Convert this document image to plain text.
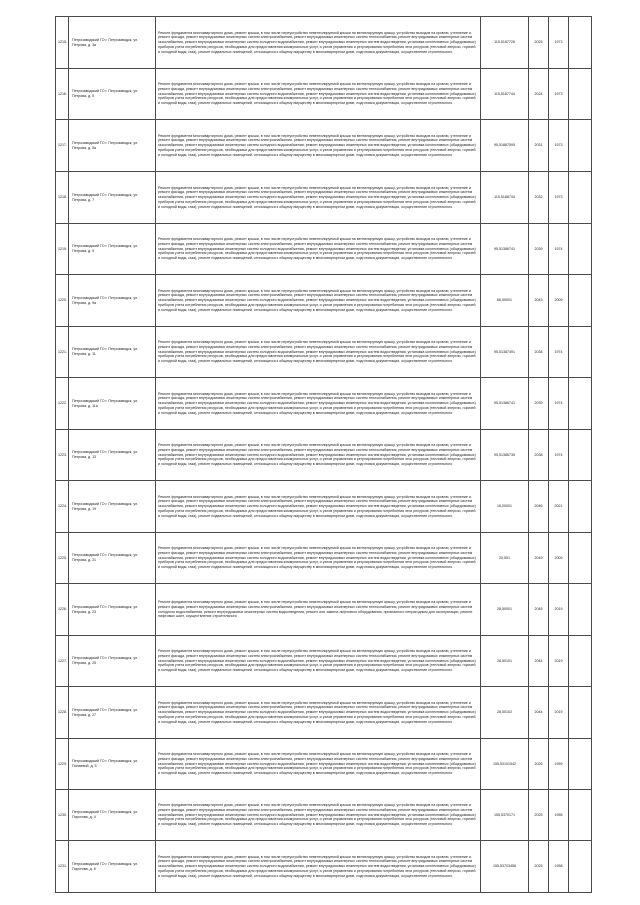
1215.	Петрозаводский ГО г. Петрозаводск, ул. Петрова, д. 3а	Ремонт фундамента многоквартирного дома, ремонт крыши, в том числе переустройство невентилируемой крыши на вентилируемую крышу, устройство выходов на кровлю, утепление и ремонт фасада, ремонт внутридомовых инженерных систем электроснабжения, ремонт внутридомовых инженерных систем теплоснабжения, ремонт внутридомовых инженерных систем газоснабжения, ремонт внутридомовых инженерных систем холодного водоснабжения, ремонт внутридомовых инженерных систем водоотведения, установка коллективных (общедомовых) приборов учета потребления ресурсов, необходимых для предоставления коммунальных услуг, и узлов управления и регулирования потребления этих ресурсов (тепловой энергии, горячей и холодной воды, газа), ремонт подвальных помещений, относящихся к общему имуществу в многоквартирном доме, подготовка документации, осуществление строительного	115,5187728	2025	1973	
1216.	Петрозаводский ГО г. Петрозаводск, ул. Петрова, д. 5	Ремонт фундамента многоквартирного дома, ремонт крыши, в том числе переустройство невентилируемой крыши на вентилируемую крышу, устройство выходов на кровлю, утепление и ремонт фасада, ремонт внутридомовых инженерных систем электроснабжения, ремонт внутридомовых инженерных систем теплоснабжения, ремонт внутридомовых инженерных систем газоснабжения, ремонт внутридомовых инженерных систем холодного водоснабжения, ремонт внутридомовых инженерных систем водоотведения, установка коллективных (общедомовых) приборов учета потребления ресурсов, необходимых для предоставления коммунальных услуг, и узлов управления и регулирования потребления этих ресурсов (тепловой энергии, горячей и холодной воды, газа), ремонт подвальных помещений, относящихся к общему имуществу в многоквартирном доме, подготовка документации, осуществление строительного	115,5187744	2024	1973	
1217.	Петрозаводский ГО г. Петрозаводск, ул. Петрова, д. 5а	Ремонт фундамента многоквартирного дома, ремонт крыши, в том числе переустройство невентилируемой крыши на вентилируемую крышу, устройство выходов на кровлю, утепление и ремонт фасада, ремонт внутридомовых инженерных систем электроснабжения, ремонт внутридомовых инженерных систем теплоснабжения, ремонт внутридомовых инженерных систем газоснабжения, ремонт внутридомовых инженерных систем холодного водоснабжения, ремонт внутридомовых инженерных систем водоотведения, установка коллективных (общедомовых) приборов учета потребления ресурсов, необходимых для предоставления коммунальных услуг, и узлов управления и регулирования потребления этих ресурсов (тепловой энергии, горячей и холодной воды, газа), ремонт подвальных помещений, относящихся к общему имуществу в многоквартирном доме, подготовка документации, осуществление строительного	95,51887595	2031	1973	
1218.	Петрозаводский ГО г. Петрозаводск, ул. Петрова, д. 7	Ремонт фундамента многоквартирного дома, ремонт крыши, в том числе переустройство невентилируемой крыши на вентилируемую крышу, устройство выходов на кровлю, утепление и ремонт фасада, ремонт внутридомовых инженерных систем электроснабжения, ремонт внутридомовых инженерных систем теплоснабжения, ремонт внутридомовых инженерных систем газоснабжения, ремонт внутридомовых инженерных систем холодного водоснабжения, ремонт внутридомовых инженерных систем водоотведения, установка коллективных (общедомовых) приборов учета потребления ресурсов, необходимых для предоставления коммунальных услуг, и узлов управления и регулирования потребления этих ресурсов (тепловой энергии, горячей и холодной воды, газа), ремонт подвальных помещений, относящихся к общему имуществу в многоквартирном доме, подготовка документации, осуществление строительного	115,5188744	2032	1973	
1219.	Петрозаводский ГО г. Петрозаводск, ул. Петрова, д. 9	Ремонт фундамента многоквартирного дома, ремонт крыши, в том числе переустройство невентилируемой крыши на вентилируемую крышу, устройство выходов на кровлю, утепление и ремонт фасада, ремонт внутридомовых инженерных систем электроснабжения, ремонт внутридомовых инженерных систем теплоснабжения, ремонт внутридомовых инженерных систем газоснабжения, ремонт внутридомовых инженерных систем холодного водоснабжения, ремонт внутридомовых инженерных систем водоотведения, установка коллективных (общедомовых) приборов учета потребления ресурсов, необходимых для предоставления коммунальных услуг, и узлов управления и регулирования потребления этих ресурсов (тепловой энергии, горячей и холодной воды, газа), ремонт подвальных помещений, относящихся к общему имуществу в многоквартирном доме, подготовка документации, осуществление строительного	95,51386741	2039	1974	
1220.	Петрозаводский ГО г. Петрозаводск, ул. Петрова, д. 9а	Ремонт фундамента многоквартирного дома, ремонт крыши, в том числе переустройство невентилируемой крыши на вентилируемую крышу, устройство выходов на кровлю, утепление и ремонт фасада, ремонт внутридомовых инженерных систем электроснабжения, ремонт внутридомовых инженерных систем теплоснабжения, ремонт внутридомовых инженерных систем газоснабжения, ремонт внутридомовых инженерных систем холодного водоснабжения, ремонт внутридомовых инженерных систем водоотведения, установка коллективных (общедомовых) приборов учета потребления ресурсов, необходимых для предоставления коммунальных услуг, и узлов управления и регулирования потребления этих ресурсов (тепловой энергии, горячей и холодной воды, газа), ремонт подвальных помещений, относящихся к общему имуществу в многоквартирном доме, подготовка документации, осуществление строительного	66,50001	2043	2009	
1221.	Петрозаводский ГО г. Петрозаводск, ул. Петрова, д. 11	Ремонт фундамента многоквартирного дома, ремонт крыши, в том числе переустройство невентилируемой крыши на вентилируемую крышу, устройство выходов на кровлю, утепление и ремонт фасада, ремонт внутридомовых инженерных систем электроснабжения, ремонт внутридомовых инженерных систем теплоснабжения, ремонт внутридомовых инженерных систем газоснабжения, ремонт внутридомовых инженерных систем холодного водоснабжения, ремонт внутридомовых инженерных систем водоотведения, установка коллективных (общедомовых) приборов учета потребления ресурсов, необходимых для предоставления коммунальных услуг, и узлов управления и регулирования потребления этих ресурсов (тепловой энергии, горячей и холодной воды, газа), ремонт подвальных помещений, относящихся к общему имуществу в многоквартирном доме, подготовка документации, осуществление строительного	95,51387491	2038	1974	
1222.	Петрозаводский ГО г. Петрозаводск, ул. Петрова, д. 11а	Ремонт фундамента многоквартирного дома, ремонт крыши, в том числе переустройство невентилируемой крыши на вентилируемую крышу, устройство выходов на кровлю, утепление и ремонт фасада, ремонт внутридомовых инженерных систем электроснабжения, ремонт внутридомовых инженерных систем теплоснабжения, ремонт внутридомовых инженерных систем газоснабжения, ремонт внутридомовых инженерных систем холодного водоснабжения, ремонт внутридомовых инженерных систем водоотведения, установка коллективных (общедомовых) приборов учета потребления ресурсов, необходимых для предоставления коммунальных услуг, и узлов управления и регулирования потребления этих ресурсов (тепловой энергии, горячей и холодной воды, газа), ремонт подвальных помещений, относящихся к общему имуществу в многоквартирном доме, подготовка документации, осуществление строительного	95,51386741	2039	1974	
1223.	Петрозаводский ГО г. Петрозаводск, ул. Петрова, д. 13	Ремонт фундамента многоквартирного дома, ремонт крыши, в том числе переустройство невентилируемой крыши на вентилируемую крышу, устройство выходов на кровлю, утепление и ремонт фасада, ремонт внутридомовых инженерных систем электроснабжения, ремонт внутридомовых инженерных систем теплоснабжения, ремонт внутридомовых инженерных систем газоснабжения, ремонт внутридомовых инженерных систем холодного водоснабжения, ремонт внутридомовых инженерных систем водоотведения, установка коллективных (общедомовых) приборов учета потребления ресурсов, необходимых для предоставления коммунальных услуг, и узлов управления и регулирования потребления этих ресурсов (тепловой энергии, горячей и холодной воды, газа), ремонт подвальных помещений, относящихся к общему имуществу в многоквартирном доме, подготовка документации, осуществление строительного	95,51386735	2038	1974	
1224.	Петрозаводский ГО г. Петрозаводск, ул. Петрова, д. 19	Ремонт фундамента многоквартирного дома, ремонт крыши, в том числе переустройство невентилируемой крыши на вентилируемую крышу, устройство выходов на кровлю, утепление и ремонт фасада, ремонт внутридомовых инженерных систем электроснабжения, ремонт внутридомовых инженерных систем теплоснабжения, ремонт внутридомовых инженерных систем газоснабжения, ремонт внутридомовых инженерных систем холодного водоснабжения, ремонт внутридомовых инженерных систем водоотведения, установка коллективных (общедомовых) приборов учета потребления ресурсов, необходимых для предоставления коммунальных услуг, и узлов управления и регулирования потребления этих ресурсов (тепловой энергии, горячей и холодной воды, газа), ремонт подвальных помещений, относящихся к общему имуществу в многоквартирном доме, подготовка документации, осуществление строительного	16,00001	2046	2021	
1225.	Петрозаводский ГО г. Петрозаводск, ул. Петрова, д. 21	Ремонт фундамента многоквартирного дома, ремонт крыши, в том числе переустройство невентилируемой крыши на вентилируемую крышу, устройство выходов на кровлю, утепление и ремонт фасада, ремонт внутридомовых инженерных систем электроснабжения, ремонт внутридомовых инженерных систем теплоснабжения, ремонт внутридомовых инженерных систем газоснабжения, ремонт внутридомовых инженерных систем холодного водоснабжения, ремонт внутридомовых инженерных систем водоотведения, установка коллективных (общедомовых) приборов учета потребления ресурсов, необходимых для предоставления коммунальных услуг, и узлов управления и регулирования потребления этих ресурсов (тепловой энергии, горячей и холодной воды, газа), ремонт подвальных помещений, относящихся к общему имуществу в многоквартирном доме, подготовка документации, осуществление строительного	20,501	2049	2009	
1226.	Петрозаводский ГО г. Петрозаводск, ул. Петрова, д. 23	Ремонт фундамента многоквартирного дома, ремонт крыши, в том числе переустройство невентилируемой крыши на вентилируемую крышу, устройство выходов на кровлю, утепление и ремонт фасада, ремонт внутридомовых инженерных систем электроснабжения, ремонт внутридомовых инженерных систем теплоснабжения, ремонт внутридомовых инженерных систем холодного водоснабжения, ремонт внутридомовых инженерных систем водоотведения, ремонт или замена лифтового оборудования, признанного непригодным для эксплуатации, ремонт лифтовых шахт, осуществление строительного	28,50001	2045	2019	
1227.	Петрозаводский ГО г. Петрозаводск, ул. Петрова, д. 25	Ремонт фундамента многоквартирного дома, ремонт крыши, в том числе переустройство невентилируемой крыши на вентилируемую крышу, устройство выходов на кровлю, утепление и ремонт фасада, ремонт внутридомовых инженерных систем электроснабжения, ремонт внутридомовых инженерных систем теплоснабжения, ремонт внутридомовых инженерных систем газоснабжения, ремонт внутридомовых инженерных систем холодного водоснабжения, ремонт внутридомовых инженерных систем водоотведения, установка коллективных (общедомовых) приборов учета потребления ресурсов, необходимых для предоставления коммунальных услуг, и узлов управления и регулирования потребления этих ресурсов (тепловой энергии, горячей и холодной воды, газа), ремонт подвальных помещений, относящихся к общему имуществу в многоквартирном доме, подготовка документации, осуществление строительного	28,50101	2044	2019	
1228.	Петрозаводский ГО г. Петрозаводск, ул. Петрова, д. 27	Ремонт фундамента многоквартирного дома, ремонт крыши, в том числе переустройство невентилируемой крыши на вентилируемую крышу, устройство выходов на кровлю, утепление и ремонт фасада, ремонт внутридомовых инженерных систем электроснабжения, ремонт внутридомовых инженерных систем теплоснабжения, ремонт внутридомовых инженерных систем газоснабжения, ремонт внутридомовых инженерных систем холодного водоснабжения, ремонт внутридомовых инженерных систем водоотведения, установка коллективных (общедомовых) приборов учета потребления ресурсов, необходимых для предоставления коммунальных услуг, и узлов управления и регулирования потребления этих ресурсов (тепловой энергии, горячей и холодной воды, газа), ремонт подвальных помещений, относящихся к общему имуществу в многоквартирном доме, подготовка документации, осуществление строительного	28,50102	2044	2019	
1229.	Петрозаводский ГО г. Петрозаводск, ул. Пинаевой, д. 5	Ремонт фундамента многоквартирного дома, ремонт крыши, в том числе переустройство невентилируемой крыши на вентилируемую крышу, устройство выходов на кровлю, утепление и ремонт фасада, ремонт внутридомовых инженерных систем электроснабжения, ремонт внутридомовых инженерных систем теплоснабжения, ремонт внутридомовых инженерных систем газоснабжения, ремонт внутридомовых инженерных систем холодного водоснабжения, ремонт внутридомовых инженерных систем водоотведения, установка коллективных (общедомовых) приборов учета потребления ресурсов, необходимых для предоставления коммунальных услуг, и узлов управления и регулирования потребления этих ресурсов (тепловой энергии, горячей и холодной воды, газа), ремонт подвальных помещений, относящихся к общему имуществу в многоквартирном доме, подготовка документации, осуществление строительного	155,53101542	2026	1959	
1230.	Петрозаводский ГО г. Петрозаводск, ул. Пирогова, д. 4	Ремонт фундамента многоквартирного дома, ремонт крыши, в том числе переустройство невентилируемой крыши на вентилируемую крышу, устройство выходов на кровлю, утепление и ремонт фасада, ремонт внутридомовых инженерных систем электроснабжения, ремонт внутридомовых инженерных систем теплоснабжения, ремонт внутридомовых инженерных систем газоснабжения, ремонт внутридомовых инженерных систем холодного водоснабжения, ремонт внутридомовых инженерных систем водоотведения, установка коллективных (общедомовых) приборов учета потребления ресурсов, необходимых для предоставления коммунальных услуг, и узлов управления и регулирования потребления этих ресурсов (тепловой энергии, горячей и холодной воды, газа), ремонт подвальных помещений, относящихся к общему имуществу в многоквартирном доме, подготовка документации, осуществление строительного	155,5370171	2025	1955	
1231.	Петрозаводский ГО г. Петрозаводск, ул. Пирогова, д. 6	Ремонт фундамента многоквартирного дома, ремонт крыши, в том числе переустройство невентилируемой крыши на вентилируемую крышу, устройство выходов на кровлю, утепление и ремонт фасада, ремонт внутридомовых инженерных систем электроснабжения, ремонт внутридомовых инженерных систем теплоснабжения, ремонт внутридомовых инженерных систем газоснабжения, ремонт внутридомовых инженерных систем холодного водоснабжения, ремонт внутридомовых инженерных систем водоотведения, установка коллективных (общедомовых) приборов учета потребления ресурсов, необходимых для предоставления коммунальных услуг, и узлов управления и регулирования потребления этих ресурсов (тепловой энергии, горячей и холодной воды, газа), ремонт подвальных помещений, относящихся к общему имуществу в многоквартирном доме, подготовка документации, осуществление строительного	155,53703456	2025	1958	
